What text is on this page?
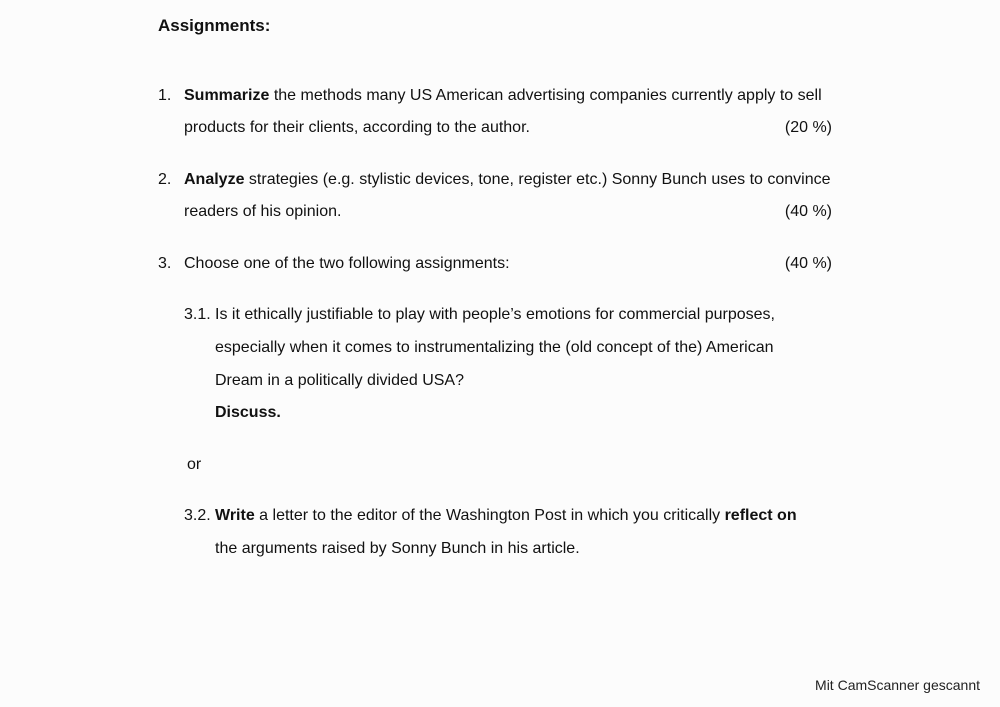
Assignments:
1. Summarize the methods many US American advertising companies currently apply to sell
products for their clients, according to the author.	(20 %)
2. Analyze strategies (e.g. stylistic devices, tone, register etc.) Sonny Bunch uses to convince
readers of his opinion.	(40 %)
3. Choose one of the two following assignments:	(40 %)
3.1. Is it ethically justifiable to play with people’s emotions for commercial purposes,
especially when it comes to instrumentalizing the (old concept of the) American
Dream in a politically divided USA?
Discuss.
or
3.2. Write a letter to the editor of the Washington Post in which you critically reflect on
the arguments raised by Sonny Bunch in his article.
Mit CamScanner gescannt
